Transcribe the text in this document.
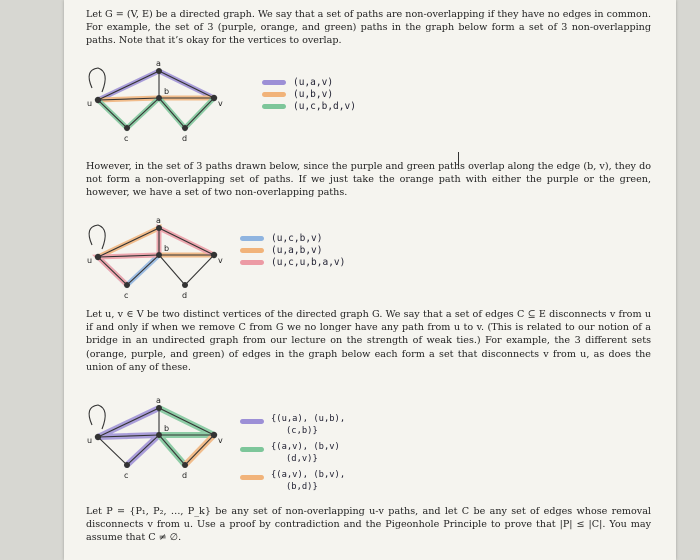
Let G = (V, E) be a directed graph. We say that a set of paths are non-overlapping if they have no edges in common. For example, the set of 3 (purple, orange, and green) paths in the graph below form a set of 3 non-overlapping paths. Note that it’s okay for the vertices to overlap.

u
a
b
c	d
v
(u,a,v)
(u,b,v)
(u,c,b,d,v)

However, in the set of 3 paths drawn below, since the purple and green paths overlap along the edge (b, v), they do not form a non-overlapping set of paths. If we just take the orange path with either the purple or the green, however, we have a set of two non-overlapping paths.

u
a
b
c	d
v
(u,c,b,v)
(u,a,b,v)
(u,c,u,b,a,v)

Let u, v ∈ V be two distinct vertices of the directed graph G. We say that a set of edges C ⊆ E disconnects v from u if and only if when we remove C from G we no longer have any path from u to v. (This is related to our notion of a bridge in an undirected graph from our lecture on the strength of weak ties.) For example, the 3 different sets (orange, purple, and green) of edges in the graph below each form a set that disconnects v from u, as does the union of any of these.

u
a
b
c	d
v
{(u,a), (u,b),
(c,b)}
{(a,v), (b,v)
(d,v)}
{(a,v), (b,v),
(b,d)}

Let P = {P₁, P₂, …, P_k} be any set of non-overlapping u-v paths, and let C be any set of edges whose removal disconnects v from u. Use a proof by contradiction and the Pigeonhole Principle to prove that |P| ≤ |C|. You may assume that C ≠ ∅.
